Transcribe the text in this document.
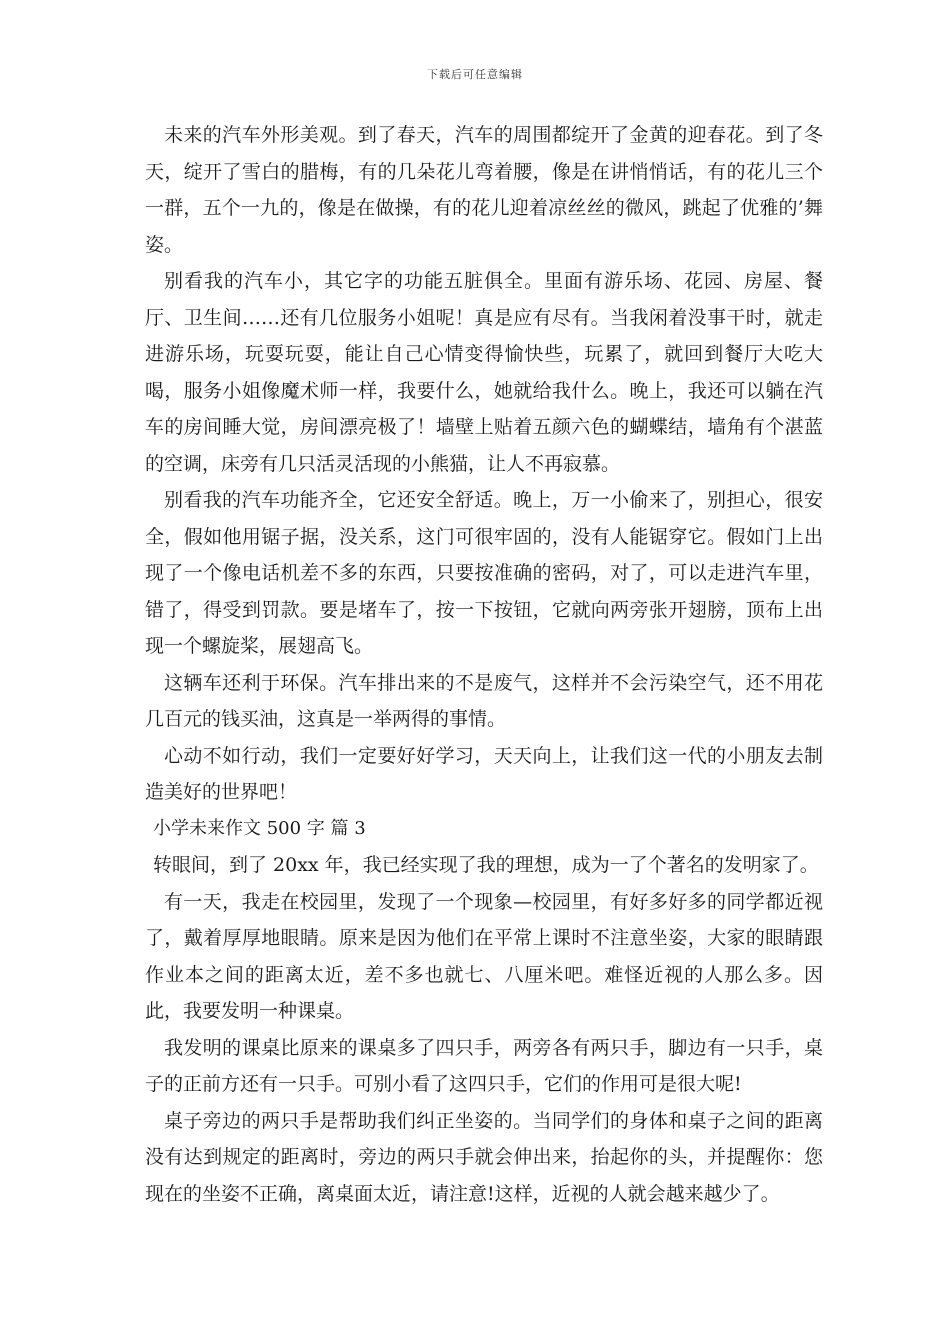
下载后可任意编辑

未来的汽车外形美观。到了春天，汽车的周围都绽开了金黄的迎春花。到了冬天，绽开了雪白的腊梅，有的几朵花儿弯着腰，像是在讲悄悄话，有的花儿三个一群，五个一九的，像是在做操，有的花儿迎着凉丝丝的微风，跳起了优雅的’舞姿。

别看我的汽车小，其它字的功能五脏俱全。里面有游乐场、花园、房屋、餐厅、卫生间……还有几位服务小姐呢！真是应有尽有。当我闲着没事干时，就走进游乐场，玩耍玩耍，能让自己心情变得愉快些，玩累了，就回到餐厅大吃大喝，服务小姐像魔术师一样，我要什么，她就给我什么。晚上，我还可以躺在汽车的房间睡大觉，房间漂亮极了！墙壁上贴着五颜六色的蝴蝶结，墙角有个湛蓝的空调，床旁有几只活灵活现的小熊猫，让人不再寂慕。

别看我的汽车功能齐全，它还安全舒适。晚上，万一小偷来了，别担心，很安全，假如他用锯子据，没关系，这门可很牢固的，没有人能锯穿它。假如门上出现了一个像电话机差不多的东西，只要按准确的密码，对了，可以走进汽车里，错了，得受到罚款。要是堵车了，按一下按钮，它就向两旁张开翅膀，顶布上出现一个螺旋桨，展翅高飞。

这辆车还利于环保。汽车排出来的不是废气，这样并不会污染空气，还不用花几百元的钱买油，这真是一举两得的事情。

心动不如行动，我们一定要好好学习，天天向上，让我们这一代的小朋友去制造美好的世界吧！

小学未来作文 500 字 篇 3

转眼间，到了 20xx 年，我已经实现了我的理想，成为一了个著名的发明家了。

有一天，我走在校园里，发现了一个现象—校园里，有好多好多的同学都近视了，戴着厚厚地眼睛。原来是因为他们在平常上课时不注意坐姿，大家的眼睛跟作业本之间的距离太近，差不多也就七、八厘米吧。难怪近视的人那么多。因此，我要发明一种课桌。

我发明的课桌比原来的课桌多了四只手，两旁各有两只手，脚边有一只手，桌子的正前方还有一只手。可别小看了这四只手，它们的作用可是很大呢!

桌子旁边的两只手是帮助我们纠正坐姿的。当同学们的身体和桌子之间的距离没有达到规定的距离时，旁边的两只手就会伸出来，抬起你的头，并提醒你：您现在的坐姿不正确，离桌面太近，请注意!这样，近视的人就会越来越少了。
